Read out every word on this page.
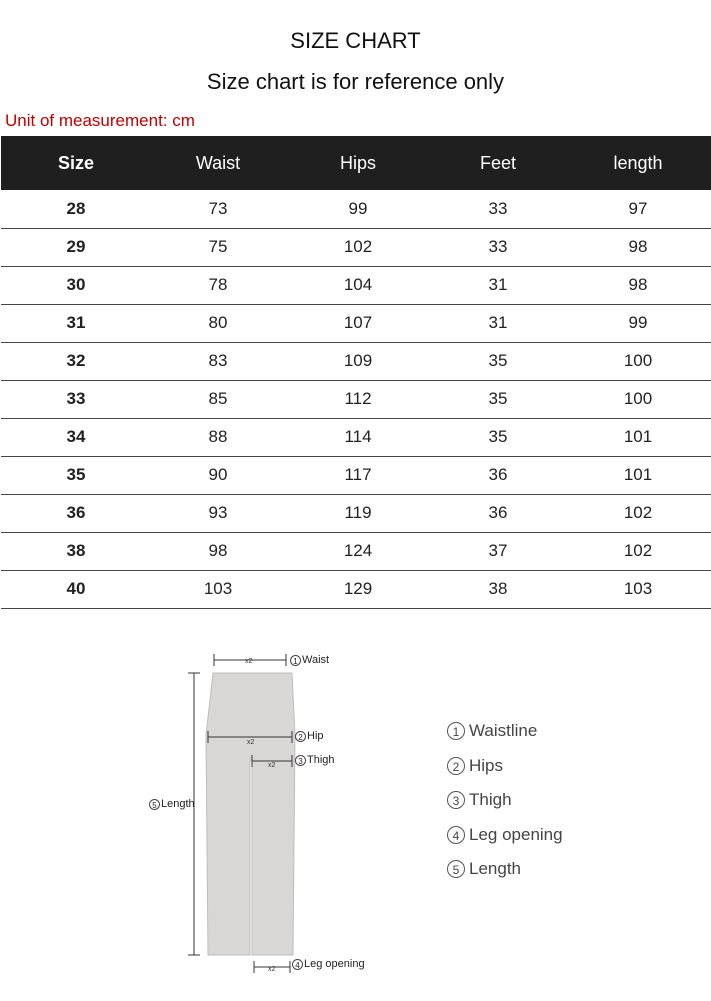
SIZE CHART
Size chart is for reference only
Unit of measurement: cm
Size	Waist	Hips	Feet	length
28	73	99	33	97
29	75	102	33	98
30	78	104	31	98
31	80	107	31	99
32	83	109	35	100
33	85	112	35	100
34	88	114	35	101
35	90	117	36	101
36	93	119	36	102
38	98	124	37	102
40	103	129	38	103
x2
x2
x2
x2
1 Waist
2 Hip
3 Thigh
4 Leg opening
5 Length
1 Waistline
2 Hips
3 Thigh
4 Leg opening
5 Length
